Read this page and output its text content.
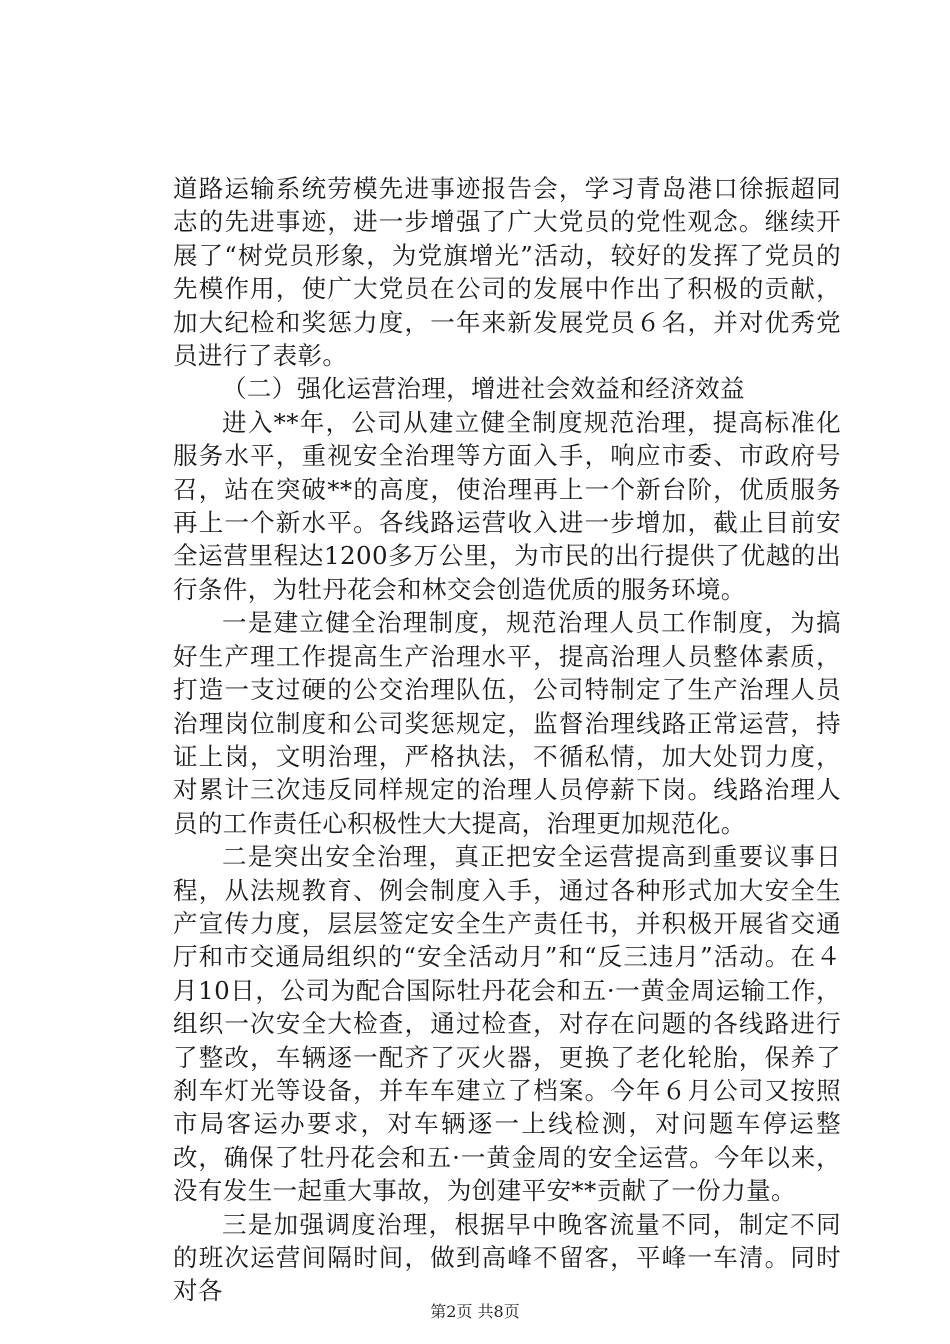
道路运输系统劳模先进事迹报告会，学习青岛港口徐振超同志的先进事迹，进一步增强了广大党员的党性观念。继续开展了“树党员形象，为党旗增光”活动，较好的发挥了党员的先模作用，使广大党员在公司的发展中作出了积极的贡献，加大纪检和奖惩力度，一年来新发展党员６名，并对优秀党员进行了表彰。

（二）强化运营治理，增进社会效益和经济效益

进入**年，公司从建立健全制度规范治理，提高标准化服务水平，重视安全治理等方面入手，响应市委、市政府号召，站在突破**的高度，使治理再上一个新台阶，优质服务再上一个新水平。各线路运营收入进一步增加，截止目前安全运营里程达1200多万公里，为市民的出行提供了优越的出行条件，为牡丹花会和林交会创造优质的服务环境。

一是建立健全治理制度，规范治理人员工作制度，为搞好生产理工作提高生产治理水平，提高治理人员整体素质，打造一支过硬的公交治理队伍，公司特制定了生产治理人员治理岗位制度和公司奖惩规定，监督治理线路正常运营，持证上岗，文明治理，严格执法，不循私情，加大处罚力度，对累计三次违反同样规定的治理人员停薪下岗。线路治理人员的工作责任心积极性大大提高，治理更加规范化。

二是突出安全治理，真正把安全运营提高到重要议事日程，从法规教育、例会制度入手，通过各种形式加大安全生产宣传力度，层层签定安全生产责任书，并积极开展省交通厅和市交通局组织的“安全活动月”和“反三违月”活动。在４月10日，公司为配合国际牡丹花会和五·一黄金周运输工作，组织一次安全大检查，通过检查，对存在问题的各线路进行了整改，车辆逐一配齐了灭火器，更换了老化轮胎，保养了刹车灯光等设备，并车车建立了档案。今年６月公司又按照市局客运办要求，对车辆逐一上线检测，对问题车停运整改，确保了牡丹花会和五·一黄金周的安全运营。今年以来，没有发生一起重大事故，为创建平安**贡献了一份力量。

三是加强调度治理，根据早中晚客流量不同，制定不同的班次运营间隔时间，做到高峰不留客，平峰一车清。同时对各

第2页 共8页
